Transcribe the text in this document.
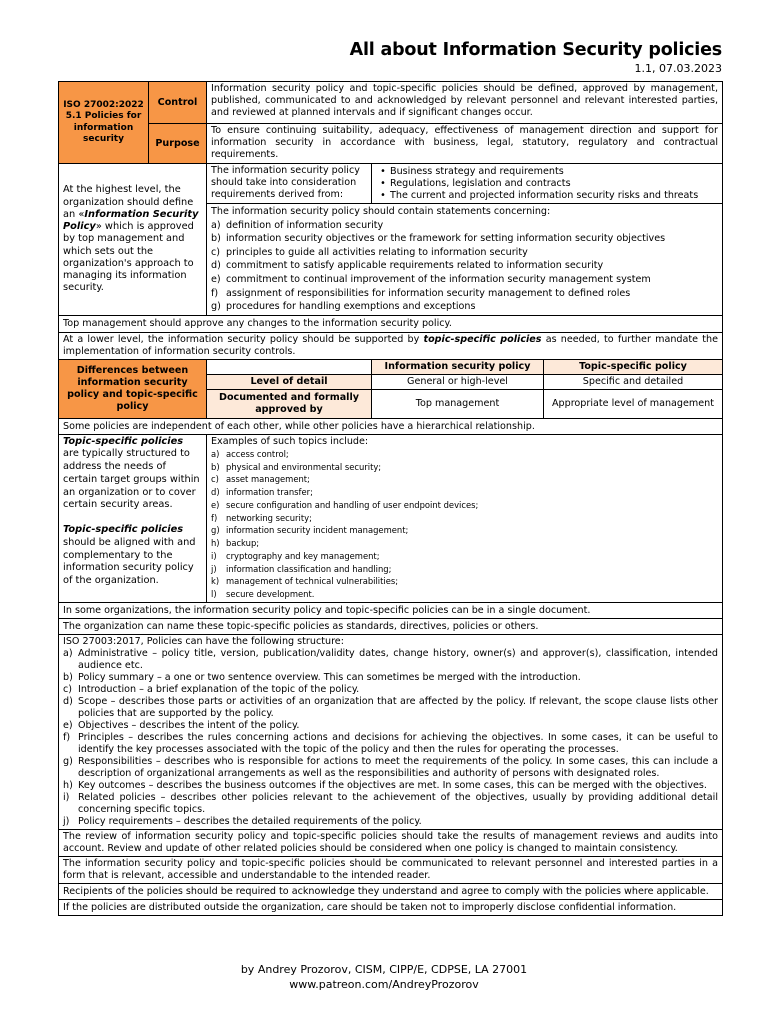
All about Information Security policies
1.1, 07.03.2023
ISO 27002:2022 5.1 Policies for information security	Control	Information security policy and topic-specific policies should be defined, approved by management, published, communicated to and acknowledged by relevant personnel and relevant interested parties, and reviewed at planned intervals and if significant changes occur.
	Purpose	To ensure continuing suitability, adequacy, effectiveness of management direction and support for information security in accordance with business, legal, statutory, regulatory and contractual requirements.
At the highest level, the organization should define an «Information Security Policy» which is approved by top management and which sets out the organization's approach to managing its information security.	The information security policy should take into consideration requirements derived from:	
• Business strategy and requirements
• Regulations, legislation and contracts
• The current and projected information security risks and threats

The information security policy should contain statements concerning:
a) definition of information security
b) information security objectives or the framework for setting information security objectives
c) principles to guide all activities relating to information security
d) commitment to satisfy applicable requirements related to information security
e) commitment to continual improvement of the information security management system
f) assignment of responsibilities for information security management to defined roles
g) procedures for handling exemptions and exceptions

Top management should approve any changes to the information security policy.
At a lower level, the information security policy should be supported by topic-specific policies as needed, to further mandate the implementation of information security controls.
Differences between information security policy and topic-specific policy		Information security policy	Topic-specific policy
	Level of detail	General or high-level	Specific and detailed
	Documented and formally approved by	Top management	Appropriate level of management
Some policies are independent of each other, while other policies have a hierarchical relationship.			
Topic-specific policies are typically structured to address the needs of certain target groups within an organization or to cover certain security areas.
Topic-specific policies should be aligned with and complementary to the information security policy of the organization.

Examples of such topics include:
a) access control;
b) physical and environmental security;
c) asset management;
d) information transfer;
e) secure configuration and handling of user endpoint devices;
f)	networking security;
g) information security incident management;
h) backup;
i)	cryptography and key management;
j)	information classification and handling;
k) management of technical vulnerabilities;
l)	secure development.
In some organizations, the information security policy and topic-specific policies can be in a single document.
The organization can name these topic-specific policies as standards, directives, policies or others.

ISO 27003:2017, Policies can have the following structure:
a) Administrative – policy title, version, publication/validity dates, change history, owner(s) and approver(s), classification, intended audience etc.
b) Policy summary – a one or two sentence overview. This can sometimes be merged with the introduction.
c) Introduction – a brief explanation of the topic of the policy.
d) Scope – describes those parts or activities of an organization that are affected by the policy. If relevant, the scope clause lists other policies that are supported by the policy.
e) Objectives – describes the intent of the policy.
f) Principles – describes the rules concerning actions and decisions for achieving the objectives. In some cases, it can be useful to identify the key processes associated with the topic of the policy and then the rules for operating the processes.
g) Responsibilities – describes who is responsible for actions to meet the requirements of the policy. In some cases, this can include a description of organizational arrangements as well as the responsibilities and authority of persons with designated roles.
h) Key outcomes – describes the business outcomes if the objectives are met. In some cases, this can be merged with the objectives.
i) Related policies – describes other policies relevant to the achievement of the objectives, usually by providing additional detail concerning specific topics.
j) Policy requirements – describes the detailed requirements of the policy.

The review of information security policy and topic-specific policies should take the results of management reviews and audits into account. Review and update of other related policies should be considered when one policy is changed to maintain consistency.
The information security policy and topic-specific policies should be communicated to relevant personnel and interested parties in a form that is relevant, accessible and understandable to the intended reader.
Recipients of the policies should be required to acknowledge they understand and agree to comply with the policies where applicable.
If the policies are distributed outside the organization, care should be taken not to improperly disclose confidential information.
by Andrey Prozorov, CISM, CIPP/E, CDPSE, LA 27001
www.patreon.com/AndreyProzorov
